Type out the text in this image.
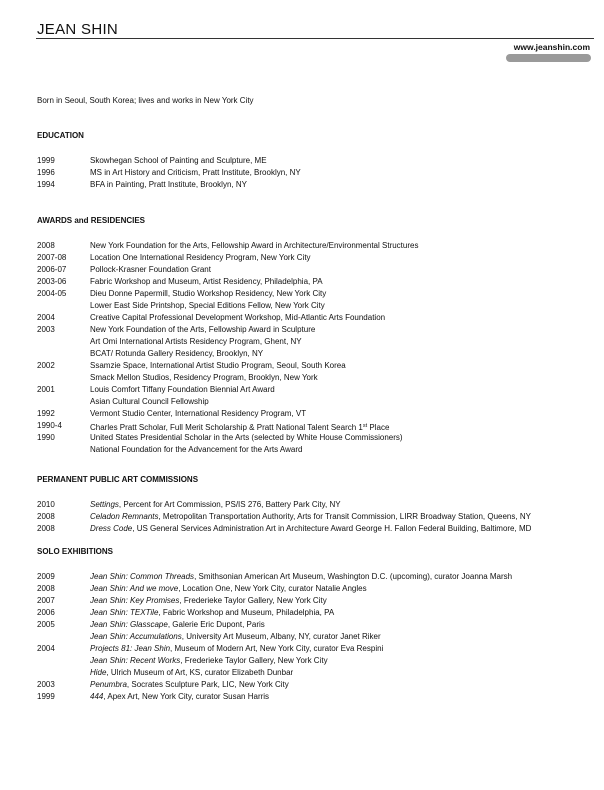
JEAN SHIN
www.jeanshin.com
Born in Seoul, South Korea; lives and works in New York City
EDUCATION
1999	Skowhegan School of Painting and Sculpture, ME
1996	MS in Art History and Criticism, Pratt Institute, Brooklyn, NY
1994	BFA in Painting, Pratt Institute, Brooklyn, NY
AWARDS and RESIDENCIES
2008	New York Foundation for the Arts, Fellowship Award in Architecture/Environmental Structures
2007-08	Location One International Residency Program, New York City
2006-07	Pollock-Krasner Foundation Grant
2003-06	Fabric Workshop and Museum, Artist Residency, Philadelphia, PA
2004-05	Dieu Donne Papermill, Studio Workshop Residency, New York City
Lower East Side Printshop, Special Editions Fellow, New York City
2004	Creative Capital Professional Development Workshop, Mid-Atlantic Arts Foundation
2003	New York Foundation of the Arts, Fellowship Award in Sculpture
Art Omi International Artists Residency Program, Ghent, NY
BCAT/ Rotunda Gallery Residency, Brooklyn, NY
2002	Ssamzie Space, International Artist Studio Program, Seoul, South Korea
Smack Mellon Studios, Residency Program, Brooklyn, New York
2001	Louis Comfort Tiffany Foundation Biennial Art Award
Asian Cultural Council Fellowship
1992	Vermont Studio Center, International Residency Program, VT
1990-4	Charles Pratt Scholar, Full Merit Scholarship & Pratt National Talent Search 1st Place
1990	United States Presidential Scholar in the Arts (selected by White House Commissioners)
National Foundation for the Advancement for the Arts Award
PERMANENT PUBLIC ART COMMISSIONS
2010	Settings, Percent for Art Commission, PS/IS 276, Battery Park City, NY
2008	Celadon Remnants, Metropolitan Transportation Authority, Arts for Transit Commission, LIRR Broadway Station, Queens, NY
2008	Dress Code, US General Services Administration Art in Architecture Award George H. Fallon Federal Building, Baltimore, MD
SOLO EXHIBITIONS
2009	Jean Shin: Common Threads, Smithsonian American Art Museum, Washington D.C. (upcoming), curator Joanna Marsh
2008	Jean Shin: And we move, Location One, New York City, curator Natalie Angles
2007	Jean Shin: Key Promises, Frederieke Taylor Gallery, New York City
2006	Jean Shin: TEXTile, Fabric Workshop and Museum, Philadelphia, PA
2005	Jean Shin: Glasscape, Galerie Eric Dupont, Paris
Jean Shin: Accumulations, University Art Museum, Albany, NY, curator Janet Riker
2004	Projects 81: Jean Shin, Museum of Modern Art, New York City, curator Eva Respini
Jean Shin: Recent Works, Frederieke Taylor Gallery, New York City
Hide, Ulrich Museum of Art, KS, curator Elizabeth Dunbar
2003	Penumbra, Socrates Sculpture Park, LIC, New York City
1999	444, Apex Art, New York City, curator Susan Harris
